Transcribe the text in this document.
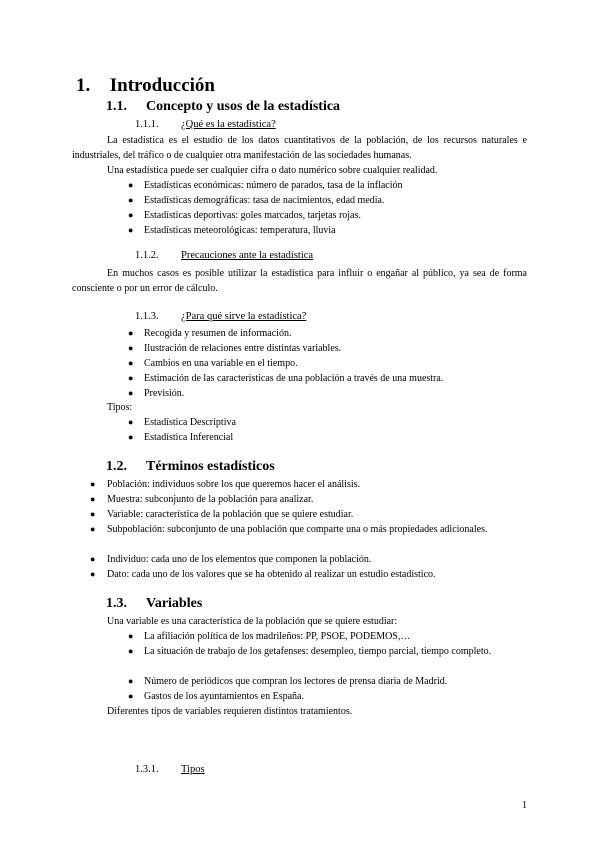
1. Introducción
1.1. Concepto y usos de la estadística
1.1.1. ¿Qué es la estadística?
La estadística es el estudio de los datos cuantitativos de la población, de los recursos naturales e industriales, del tráfico o de cualquier otra manifestación de las sociedades humanas.
Una estadística puede ser cualquier cifra o dato numérico sobre cualquier realidad.
● Estadísticas económicas: número de parados, tasa de la inflación
● Estadísticas demográficas: tasa de nacimientos, edad media.
● Estadísticas deportivas: goles marcados, tarjetas rojas.
● Estadísticas meteorológicas: temperatura, lluvia
1.1.2. Precauciones ante la estadística
En muchos casos es posible utilizar la estadística para influir o engañar al público, ya sea de forma consciente o por un error de cálculo.
1.1.3. ¿Para qué sirve la estadística?
● Recogida y resumen de información.
● Ilustración de relaciones entre distintas variables.
● Cambios en una variable en el tiempo.
● Estimación de las características de una población a través de una muestra.
● Previsión.
Tipos:
● Estadística Descriptiva
● Estadística Inferencial
1.2. Términos estadísticos
● Población: individuos sobre los que queremos hacer el análisis.
● Muestra: subconjunto de la población para analizar.
● Variable: característica de la población que se quiere estudiar.
● Subpoblación: subconjunto de una población que comparte una o más propiedades adicionales.
● Individuo: cada uno de los elementos que componen la población.
● Dato: cada uno de los valores que se ha obtenido al realizar un estudio estadístico.
1.3. Variables
Una variable es una característica de la población que se quiere estudiar:
● La afiliación política de los madrileños: PP, PSOE, PODEMOS,…
● La situación de trabajo de los getafenses: desempleo, tiempo parcial, tiempo completo.
● Número de periódicos que compran los lectores de prensa diaria de Madrid.
● Gastos de los ayuntamientos en España.
Diferentes tipos de variables requieren distintos tratamientos.
1.3.1. Tipos
1
